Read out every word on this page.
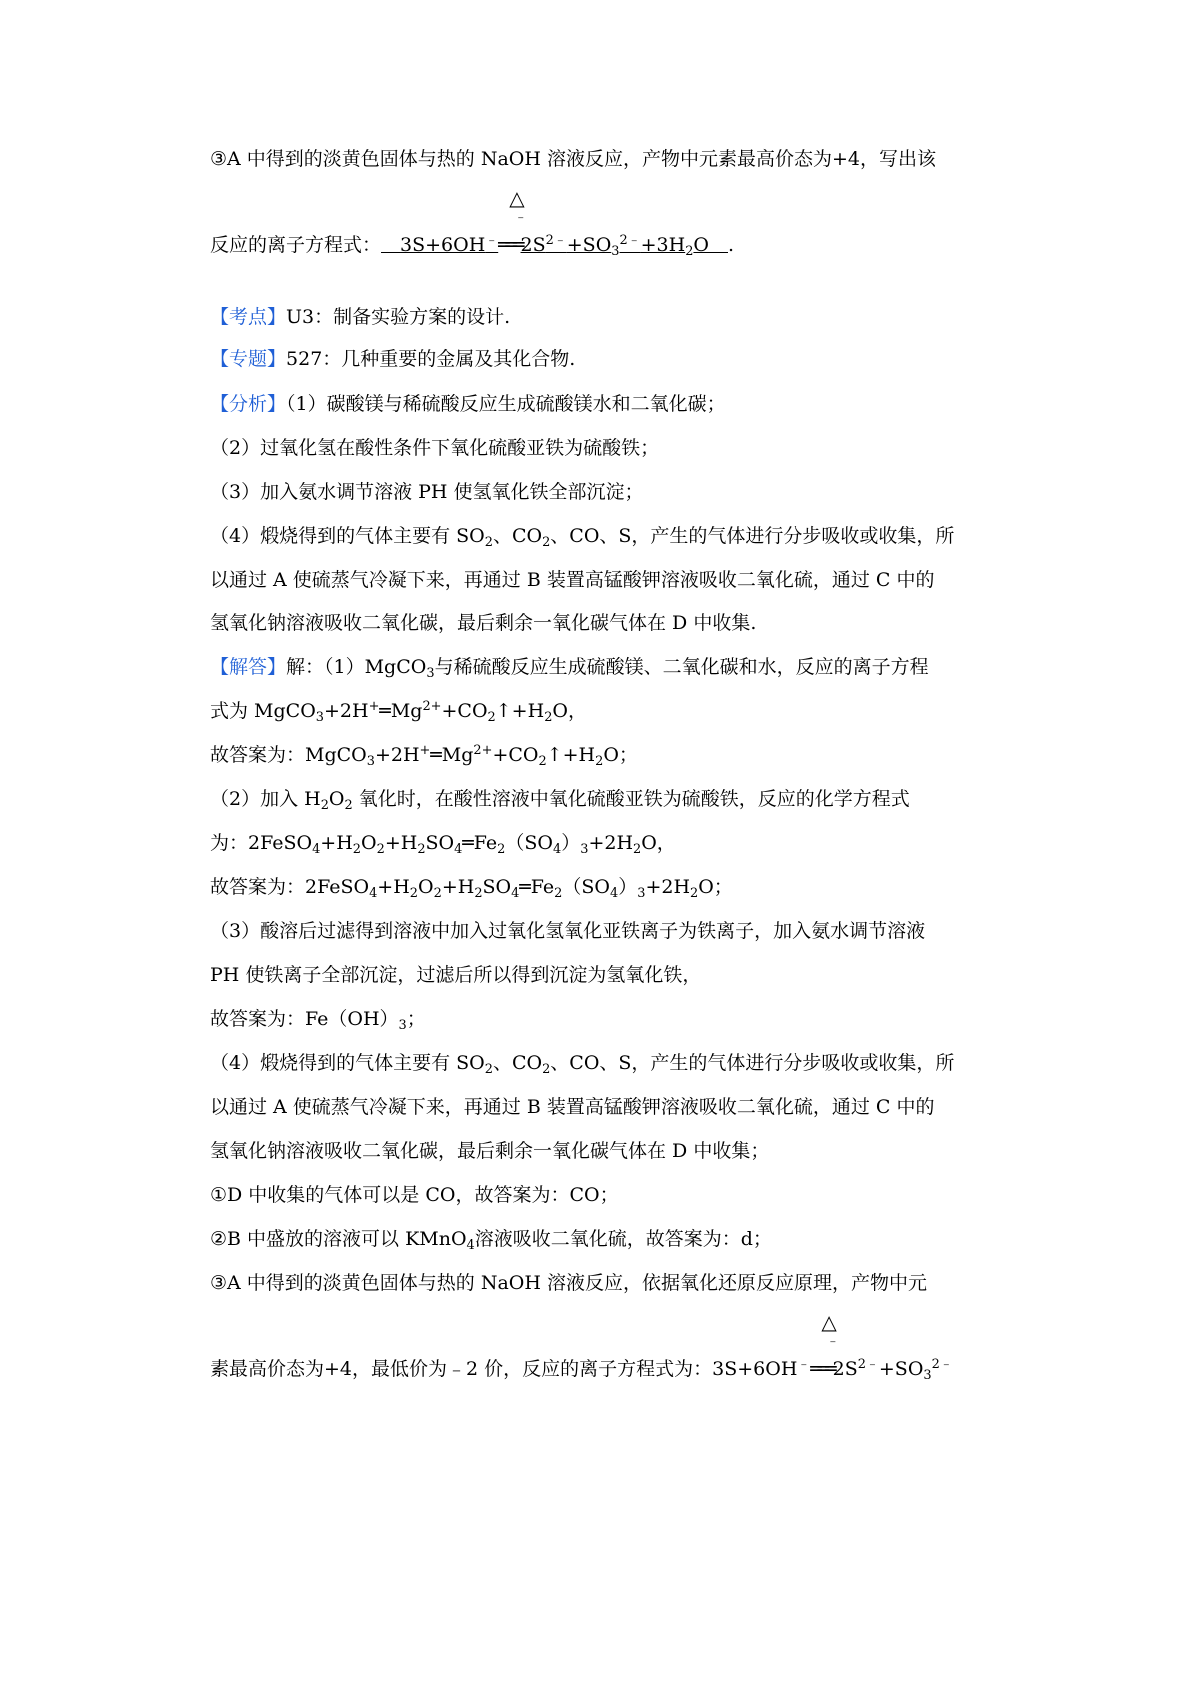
③A 中得到的淡黄色固体与热的 NaOH 溶液反应，产物中元素最高价态为+4，写出该
反应的离子方程式： 3S+6OH﹣
△
﹣
$═══2S^{2﹣}+SO_3^{2﹣}+3H_2O$ .
【考点】U3：制备实验方案的设计.
【专题】527：几种重要的金属及其化合物.
【分析】（1）碳酸镁与稀硫酸反应生成硫酸镁水和二氧化碳；
（2）过氧化氢在酸性条件下氧化硫酸亚铁为硫酸铁；
（3）加入氨水调节溶液 PH 使氢氧化铁全部沉淀；
（4）煅烧得到的气体主要有 $SO_2$、$CO_2$、CO、S，产生的气体进行分步吸收或收集，所
以通过 A 使硫蒸气冷凝下来，再通过 B 装置高锰酸钾溶液吸收二氧化硫，通过 C 中的
氢氧化钠溶液吸收二氧化碳，最后剩余一氧化碳气体在 D 中收集.
【解答】解：（1）MgCO$_3$与稀硫酸反应生成硫酸镁、二氧化碳和水，反应的离子方程
式为 $MgCO_3+2H^+═Mg^{2+}+CO_2↑+H_2O$，
故答案为：$MgCO_3+2H^+═Mg^{2+}+CO_2↑+H_2O$；
（2）加入 $H_2O_2$ 氧化时，在酸性溶液中氧化硫酸亚铁为硫酸铁，反应的化学方程式
为：$2FeSO_4+H_2O_2+H_2SO_4═Fe_2(SO_4)_3+2H_2O$，
故答案为：$2FeSO_4+H_2O_2+H_2SO_4═Fe_2(SO_4)_3+2H_2O$；
（3）酸溶后过滤得到溶液中加入过氧化氢氧化亚铁离子为铁离子，加入氨水调节溶液
PH 使铁离子全部沉淀，过滤后所以得到沉淀为氢氧化铁，
故答案为：$Fe(OH)_3$；
（4）煅烧得到的气体主要有 $SO_2$、$CO_2$、CO、S，产生的气体进行分步吸收或收集，所
以通过 A 使硫蒸气冷凝下来，再通过 B 装置高锰酸钾溶液吸收二氧化硫，通过 C 中的
氢氧化钠溶液吸收二氧化碳，最后剩余一氧化碳气体在 D 中收集；
①D 中收集的气体可以是 CO，故答案为：CO；
②B 中盛放的溶液可以 KMnO$_4$溶液吸收二氧化硫，故答案为：d；
③A 中得到的淡黄色固体与热的 NaOH 溶液反应，依据氧化还原反应原理，产物中元
素最高价态为+4，最低价为﹣2 价，反应的离子方程式为：3S+6OH﹣
△
﹣
$═══2S^{2﹣}+SO_3^{2﹣}$
